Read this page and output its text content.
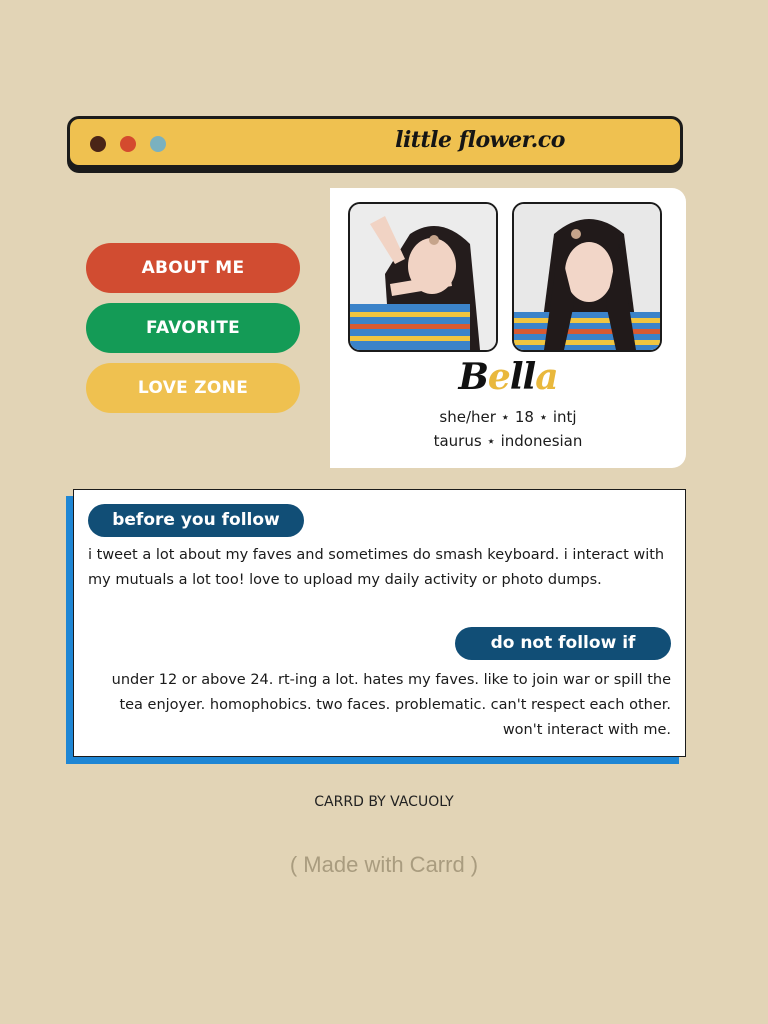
little flower.co
ABOUT ME
FAVORITE
LOVE ZONE	Bella
she/her ⋆ 18 ⋆ intj
taurus ⋆ indonesian
before you follow
i tweet a lot about my faves and sometimes do smash keyboard. i interact with my mutuals a lot too! love to upload my daily activity or photo dumps.
do not follow if
under 12 or above 24. rt-ing a lot. hates my faves. like to join war or spill the tea enjoyer. homophobics. two faces. problematic. can't respect each other. won't interact with me.
CARRD BY VACUOLY
( Made with Carrd )
